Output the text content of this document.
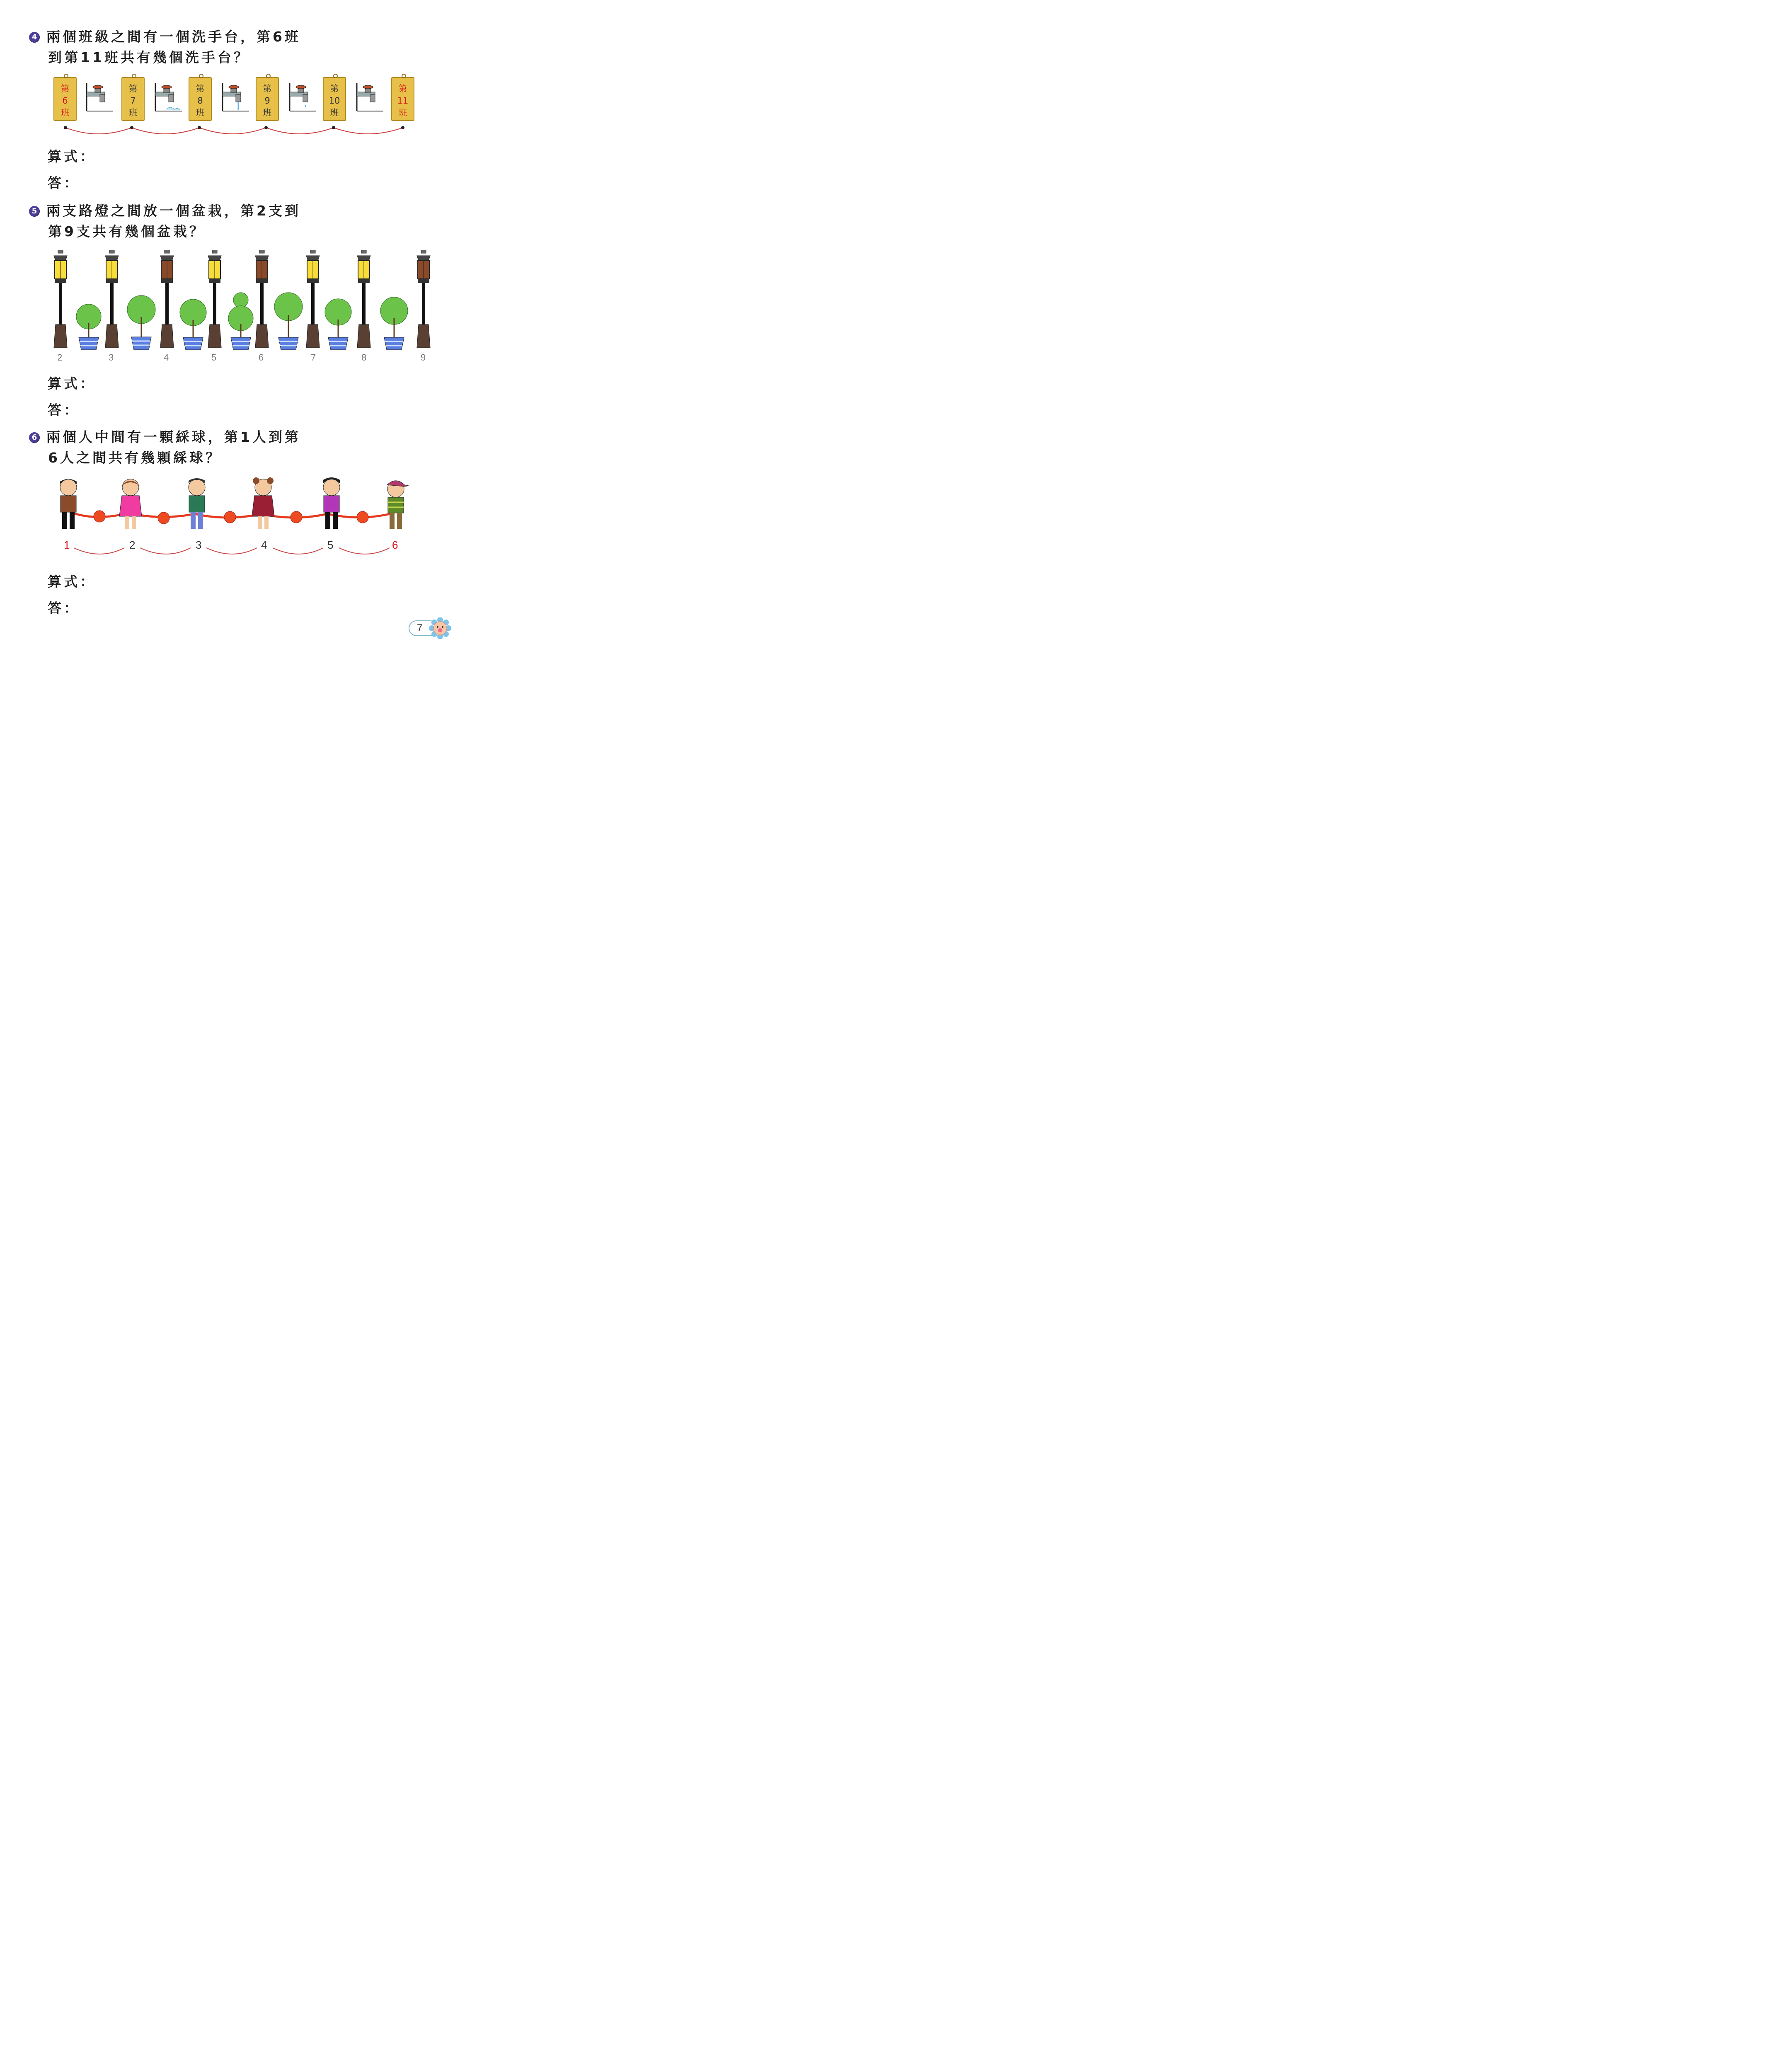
4 兩個班級之間有一個洗手台，第6班
到第11班共有幾個洗手台？
第
6
班
第
7
班
第
8
班
第
9
班
第
10
班
第
11
班
算式：
答：
5 兩支路燈之間放一個盆栽，第2支到
第9支共有幾個盆栽？
2	3	4	5	6	7	8	9
算式：
答：
6 兩個人中間有一顆綵球，第1人到第
6人之間共有幾顆綵球？
1	2	3	4	5	6
算式：
答：
7
